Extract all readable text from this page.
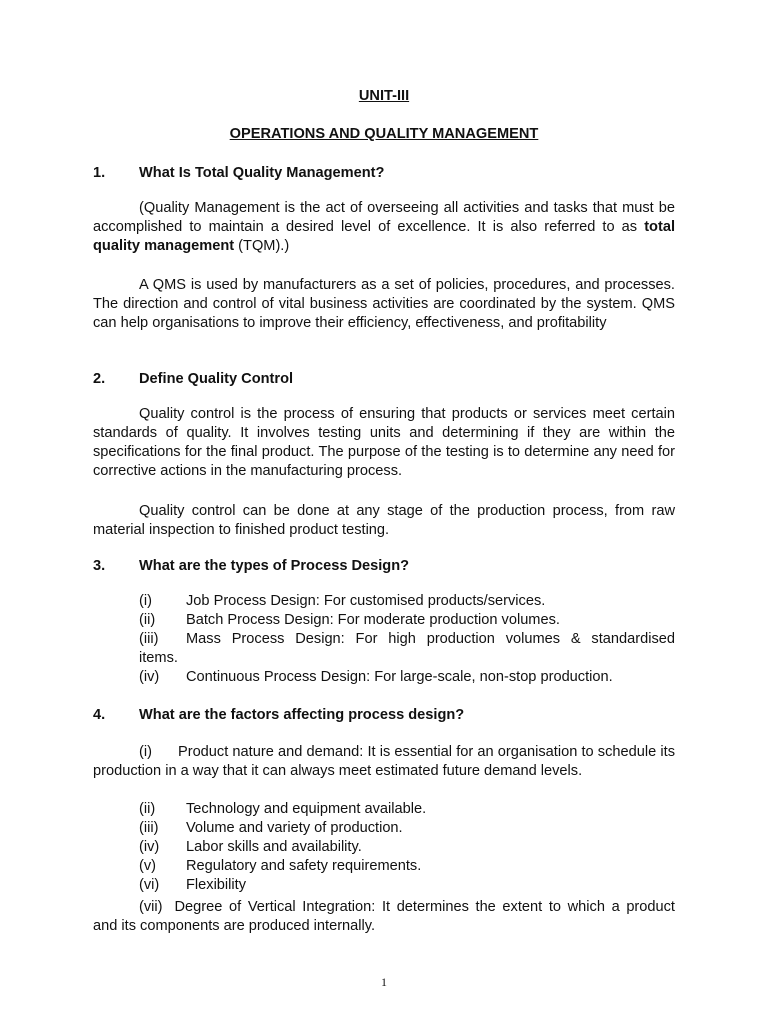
UNIT-III
OPERATIONS AND QUALITY MANAGEMENT
1. What Is Total Quality Management?
(Quality Management is the act of overseeing all activities and tasks that must be accomplished to maintain a desired level of excellence. It is also referred to as total quality management (TQM).)
A QMS is used by manufacturers as a set of policies, procedures, and processes. The direction and control of vital business activities are coordinated by the system. QMS can help organisations to improve their efficiency, effectiveness, and profitability
2. Define Quality Control
Quality control is the process of ensuring that products or services meet certain standards of quality. It involves testing units and determining if they are within the specifications for the final product. The purpose of the testing is to determine any need for corrective actions in the manufacturing process.
Quality control can be done at any stage of the production process, from raw material inspection to finished product testing.
3. What are the types of Process Design?
(i) Job Process Design: For customised products/services.
(ii) Batch Process Design: For moderate production volumes.
(iii) Mass Process Design: For high production volumes & standardised
items.
(iv) Continuous Process Design: For large-scale, non-stop production.
4. What are the factors affecting process design?
(i) Product nature and demand: It is essential for an organisation to schedule its production in a way that it can always meet estimated future demand levels.
(ii) Technology and equipment available.
(iii) Volume and variety of production.
(iv) Labor skills and availability.
(v) Regulatory and safety requirements.
(vi) Flexibility
(vii) Degree of Vertical Integration: It determines the extent to which a product and its components are produced internally.
1
